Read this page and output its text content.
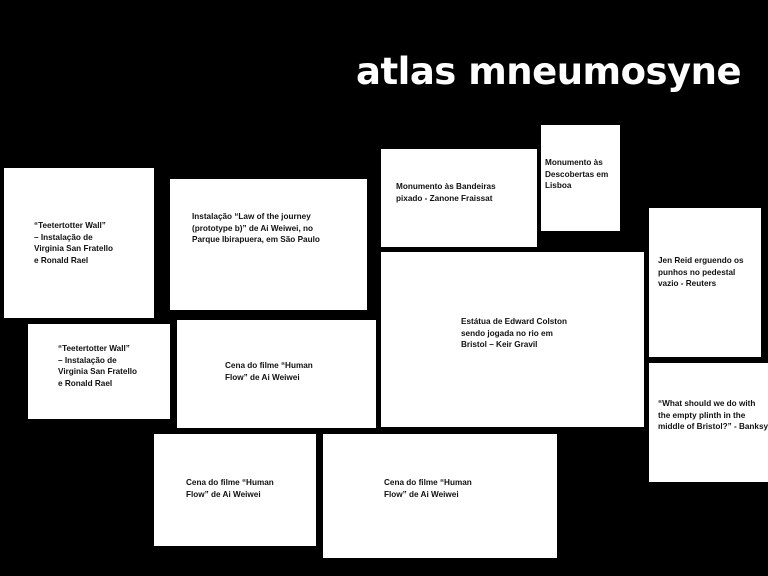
atlas mneumosyne
“Teetertotter Wall”
– Instalação de
Virginia San Fratello
e Ronald Rael
Instalação “Law of the journey
(prototype b)” de Ai Weiwei, no
Parque Ibirapuera, em São Paulo
Monumento às Bandeiras
pixado - Zanone Fraissat
Monumento às
Descobertas em
Lisboa
Jen Reid erguendo os
punhos no pedestal
vazio - Reuters
“Teetertotter Wall”
– Instalação de
Virginia San Fratello
e Ronald Rael
Cena do filme “Human
Flow” de Ai Weiwei
Estátua de Edward Colston
sendo jogada no rio em
Bristol – Keir Gravil
“What should we do with
the empty plinth in the
middle of Bristol?” - Banksy
Cena do filme “Human
Flow” de Ai Weiwei
Cena do filme “Human
Flow” de Ai Weiwei
